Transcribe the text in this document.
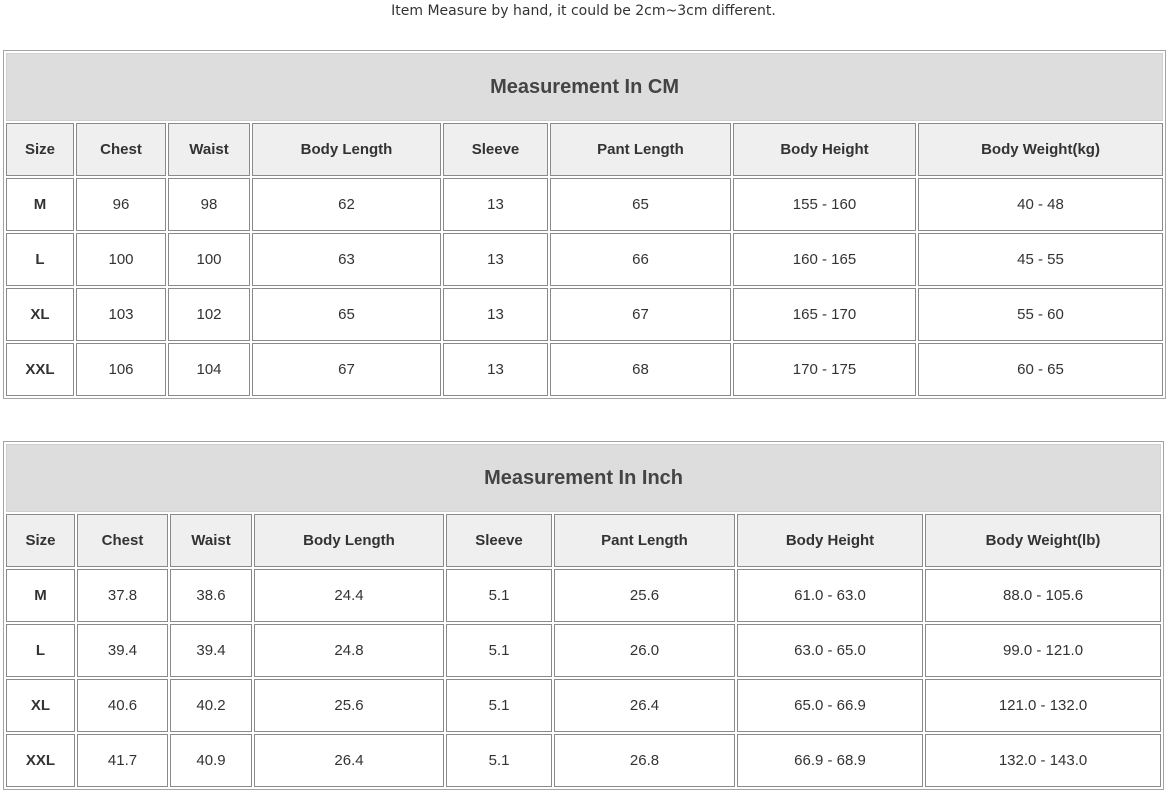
Item Measure by hand, it could be 2cm~3cm different.
Measurement In CM							
Size	Chest	Waist	Body Length	Sleeve	Pant Length	Body Height	Body Weight(kg)
M	96	98	62	13	65	155 - 160	40 - 48
L	100	100	63	13	66	160 - 165	45 - 55
XL	103	102	65	13	67	165 - 170	55 - 60
XXL	106	104	67	13	68	170 - 175	60 - 65
Measurement In Inch							
Size	Chest	Waist	Body Length	Sleeve	Pant Length	Body Height	Body Weight(lb)
M	37.8	38.6	24.4	5.1	25.6	61.0 - 63.0	88.0 - 105.6
L	39.4	39.4	24.8	5.1	26.0	63.0 - 65.0	99.0 - 121.0
XL	40.6	40.2	25.6	5.1	26.4	65.0 - 66.9	121.0 - 132.0
XXL	41.7	40.9	26.4	5.1	26.8	66.9 - 68.9	132.0 - 143.0
